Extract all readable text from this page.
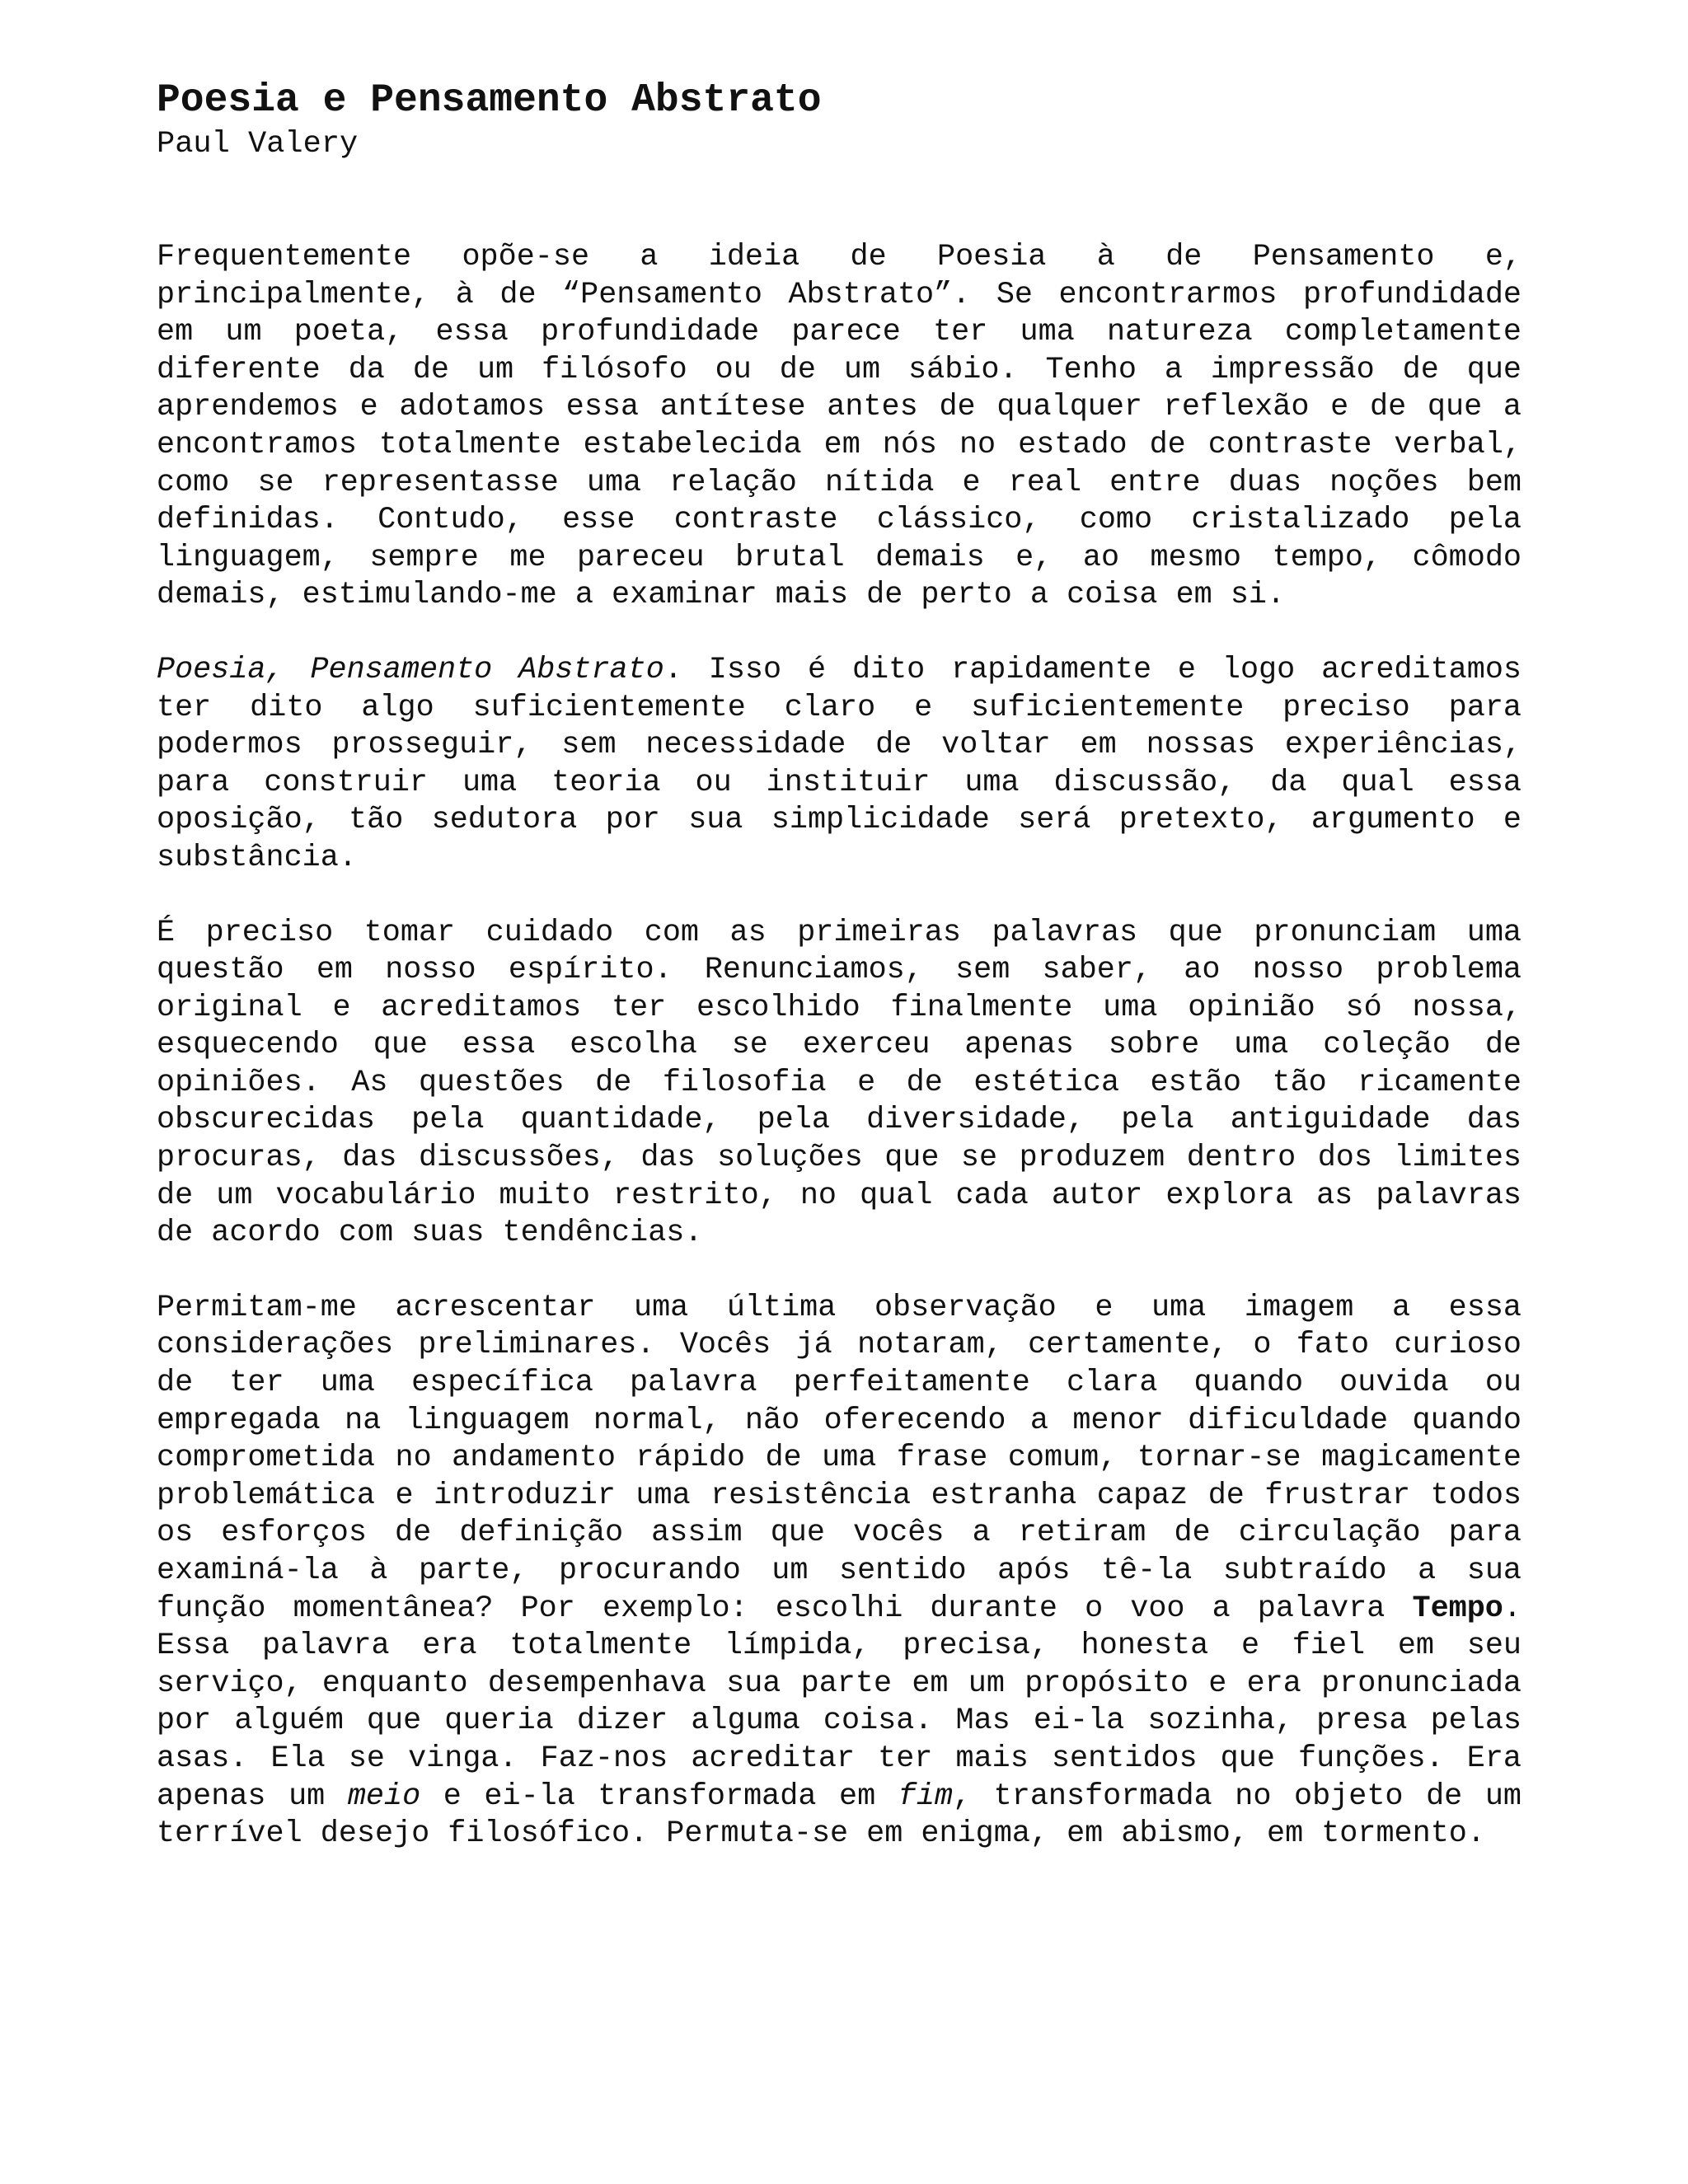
Poesia e Pensamento Abstrato
Paul Valery

Frequentemente opõe-se a ideia de Poesia à de Pensamento e, principalmente, à de “Pensamento Abstrato”. Se encontrarmos profundidade em um poeta, essa profundidade parece ter uma natureza completamente diferente da de um filósofo ou de um sábio. Tenho a impressão de que aprendemos e adotamos essa antítese antes de qualquer reflexão e de que a encontramos totalmente estabelecida em nós no estado de contraste verbal, como se representasse uma relação nítida e real entre duas noções bem definidas. Contudo, esse contraste clássico, como cristalizado pela linguagem, sempre me pareceu brutal demais e, ao mesmo tempo, cômodo demais, estimulando-me a examinar mais de perto a coisa em si.

Poesia, Pensamento Abstrato. Isso é dito rapidamente e logo acreditamos ter dito algo suficientemente claro e suficientemente preciso para podermos prosseguir, sem necessidade de voltar em nossas experiências, para construir uma teoria ou instituir uma discussão, da qual essa oposição, tão sedutora por sua simplicidade será pretexto, argumento e substância.

É preciso tomar cuidado com as primeiras palavras que pronunciam uma questão em nosso espírito. Renunciamos, sem saber, ao nosso problema original e acreditamos ter escolhido finalmente uma opinião só nossa, esquecendo que essa escolha se exerceu apenas sobre uma coleção de opiniões. As questões de filosofia e de estética estão tão ricamente obscurecidas pela quantidade, pela diversidade, pela antiguidade das procuras, das discussões, das soluções que se produzem dentro dos limites de um vocabulário muito restrito, no qual cada autor explora as palavras de acordo com suas tendências.

Permitam-me acrescentar uma última observação e uma imagem a essa considerações preliminares. Vocês já notaram, certamente, o fato curioso de ter uma específica palavra perfeitamente clara quando ouvida ou empregada na linguagem normal, não oferecendo a menor dificuldade quando comprometida no andamento rápido de uma frase comum, tornar-se magicamente problemática e introduzir uma resistência estranha capaz de frustrar todos os esforços de definição assim que vocês a retiram de circulação para examiná-la à parte, procurando um sentido após tê-la subtraído a sua função momentânea? Por exemplo: escolhi durante o voo a palavra Tempo. Essa palavra era totalmente límpida, precisa, honesta e fiel em seu serviço, enquanto desempenhava sua parte em um propósito e era pronunciada por alguém que queria dizer alguma coisa. Mas ei-la sozinha, presa pelas asas. Ela se vinga. Faz-nos acreditar ter mais sentidos que funções. Era apenas um meio e ei-la transformada em fim, transformada no objeto de um terrível desejo filosófico. Permuta-se em enigma, em abismo, em tormento.
